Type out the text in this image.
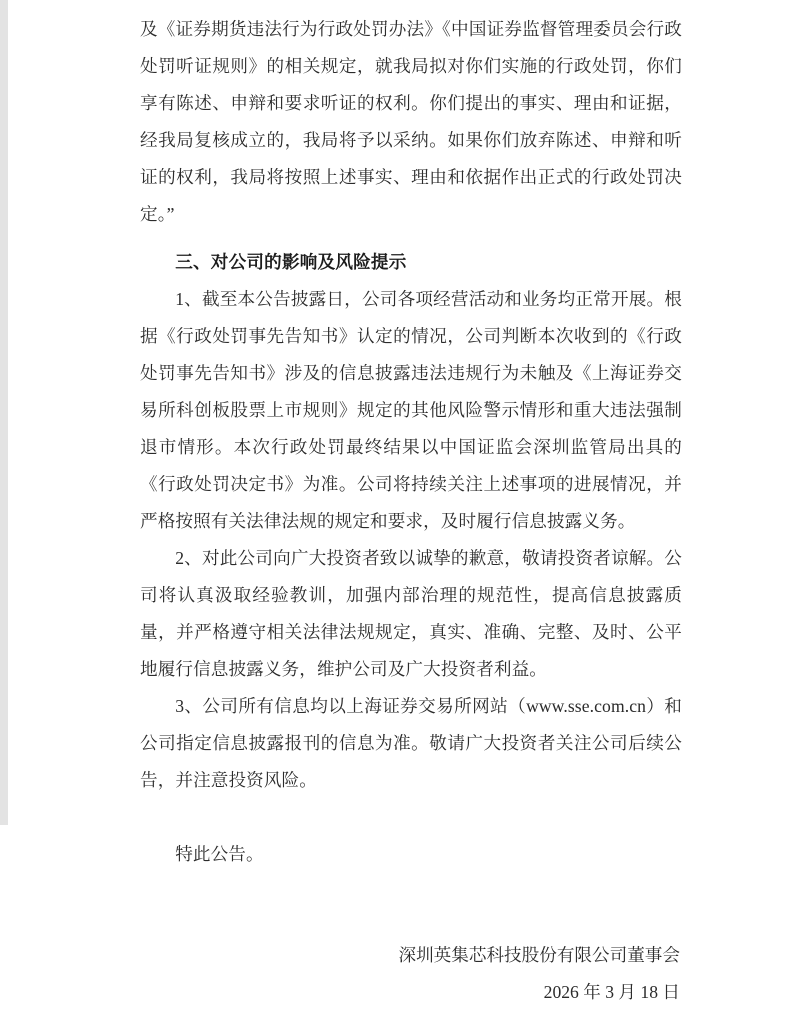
及《证券期货违法行为行政处罚办法》《中国证券监督管理委员会行政处罚听证规则》的相关规定，就我局拟对你们实施的行政处罚，你们享有陈述、申辩和要求听证的权利。你们提出的事实、理由和证据，经我局复核成立的，我局将予以采纳。如果你们放弃陈述、申辩和听证的权利，我局将按照上述事实、理由和依据作出正式的行政处罚决定。”

三、对公司的影响及风险提示

1、截至本公告披露日，公司各项经营活动和业务均正常开展。根据《行政处罚事先告知书》认定的情况，公司判断本次收到的《行政处罚事先告知书》涉及的信息披露违法违规行为未触及《上海证券交易所科创板股票上市规则》规定的其他风险警示情形和重大违法强制退市情形。本次行政处罚最终结果以中国证监会深圳监管局出具的《行政处罚决定书》为准。公司将持续关注上述事项的进展情况，并严格按照有关法律法规的规定和要求，及时履行信息披露义务。

2、对此公司向广大投资者致以诚挚的歉意，敬请投资者谅解。公司将认真汲取经验教训，加强内部治理的规范性，提高信息披露质量，并严格遵守相关法律法规规定，真实、准确、完整、及时、公平地履行信息披露义务，维护公司及广大投资者利益。

3、公司所有信息均以上海证券交易所网站（www.sse.com.cn）和公司指定信息披露报刊的信息为准。敬请广大投资者关注公司后续公告，并注意投资风险。

特此公告。

深圳英集芯科技股份有限公司董事会

2026 年 3 月 18 日
